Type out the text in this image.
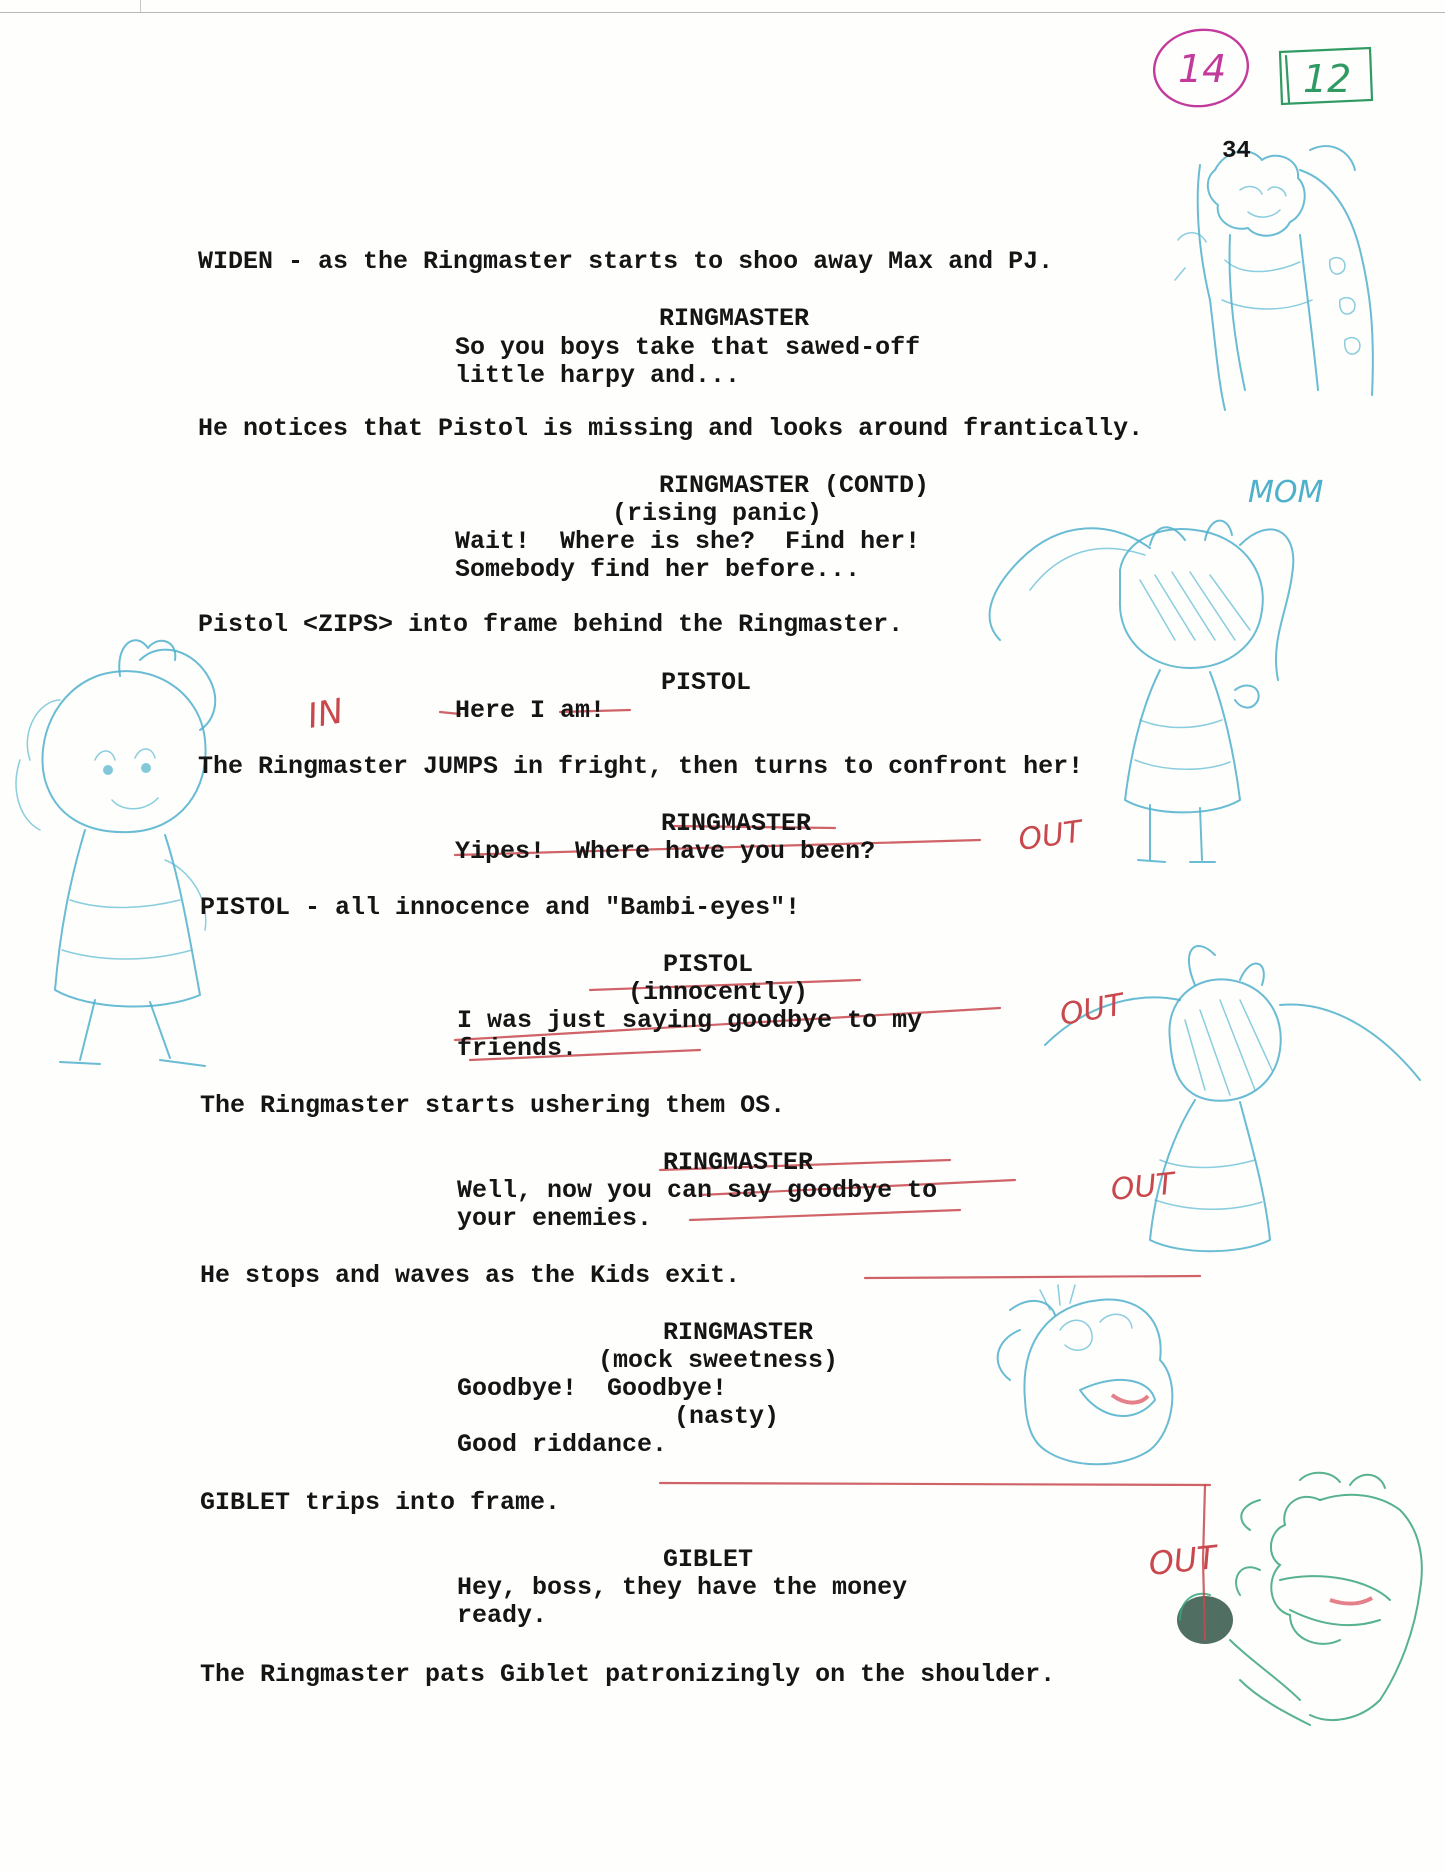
14 12
MOM
IN
OUT
OUT
OUT
OUT

34

WIDEN - as the Ringmaster starts to shoo away Max and PJ.

RINGMASTER

So you boys take that sawed-off

little harpy and...

He notices that Pistol is missing and looks around frantically.

RINGMASTER (CONTD)

(rising panic)

Wait!  Where is she?  Find her!

Somebody find her before...

Pistol <ZIPS> into frame behind the Ringmaster.

PISTOL

Here I am!

The Ringmaster JUMPS in fright, then turns to confront her!

RINGMASTER

Yipes!  Where have you been?

PISTOL - all innocence and "Bambi-eyes"!

PISTOL

(innocently)

I was just saying goodbye to my

friends.

The Ringmaster starts ushering them OS.

RINGMASTER

Well, now you can say goodbye to

your enemies.

He stops and waves as the Kids exit.

RINGMASTER

(mock sweetness)

Goodbye!  Goodbye!

(nasty)

Good riddance.

GIBLET trips into frame.

GIBLET

Hey, boss, they have the money

ready.

The Ringmaster pats Giblet patronizingly on the shoulder.
